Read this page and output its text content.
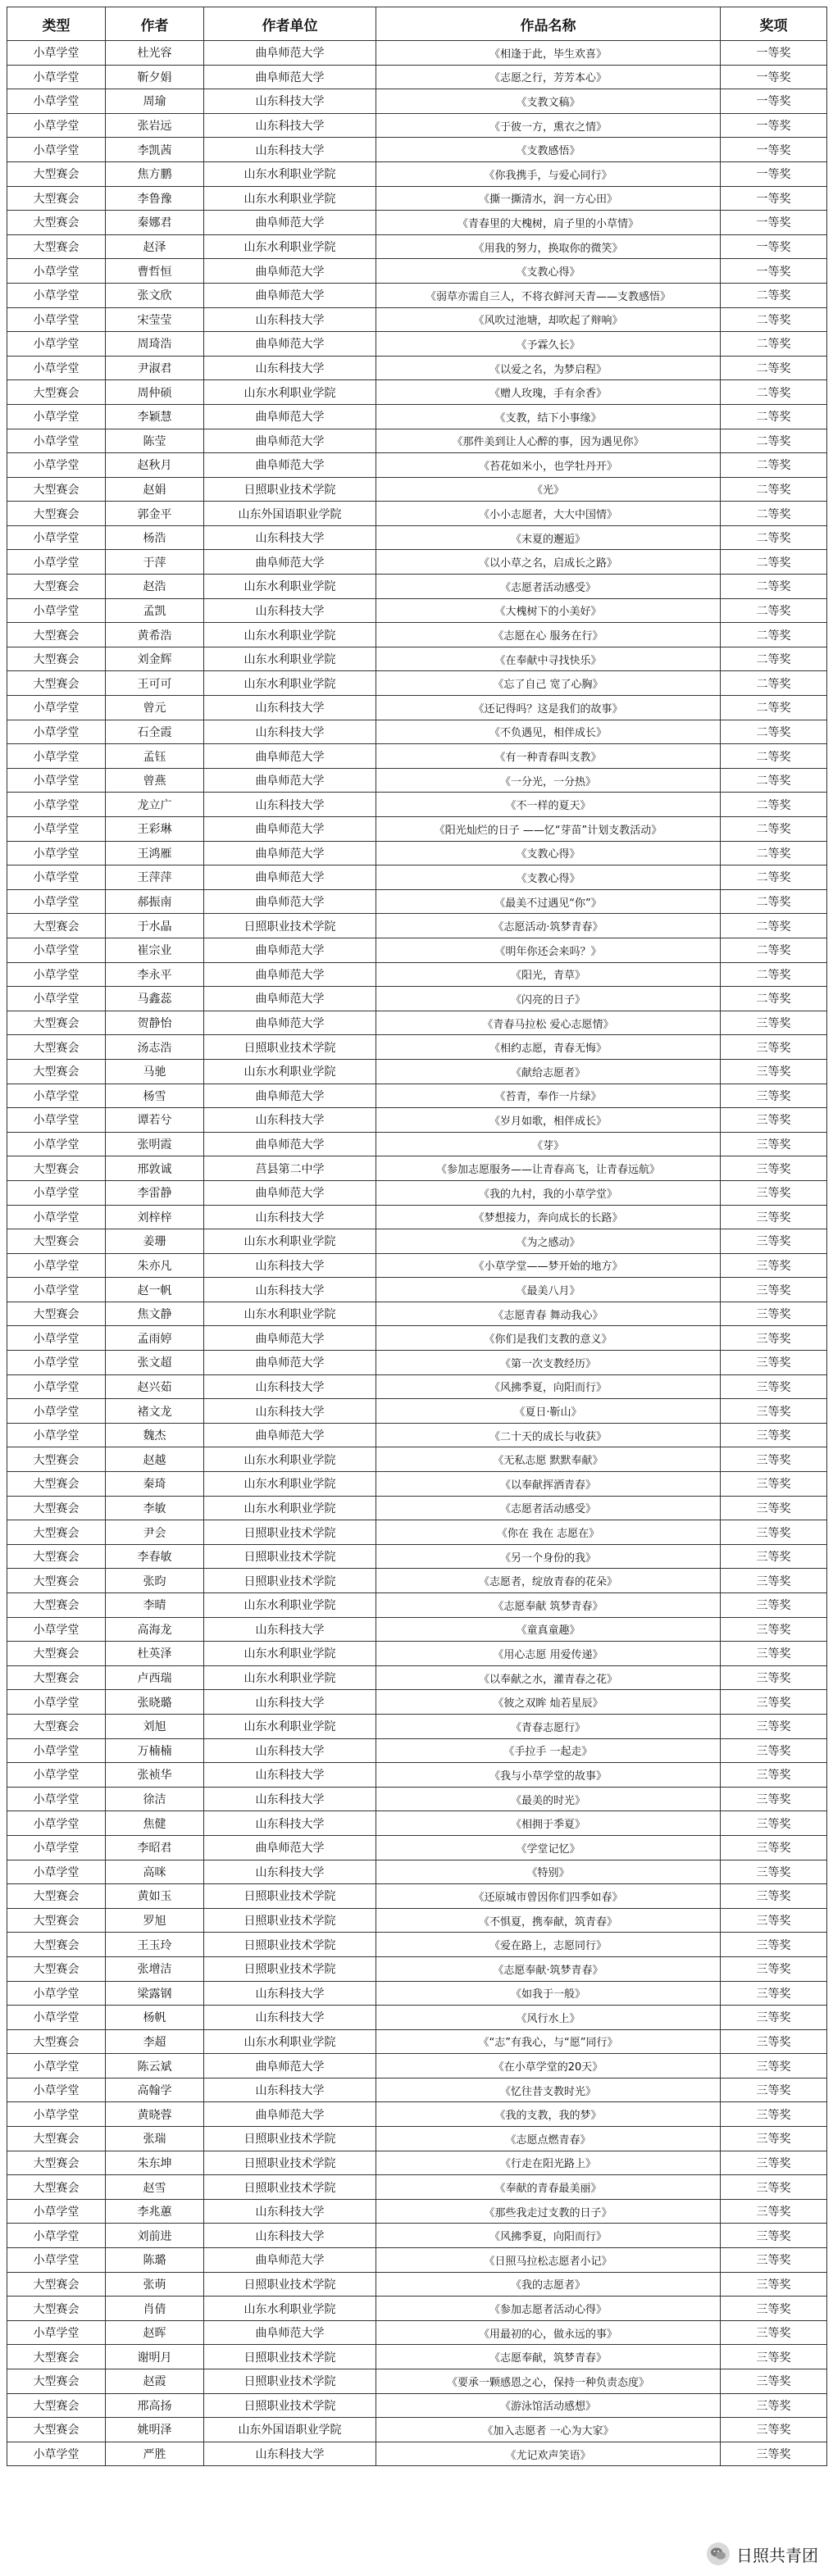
类型	作者	作者单位	作品名称	奖项
小草学堂	杜光容	曲阜师范大学	《相逢于此，毕生欢喜》	一等奖
小草学堂	靳夕娟	曲阜师范大学	《志愿之行，芳芳本心》	一等奖
小草学堂	周瑜	山东科技大学	《支教文稿》	一等奖
小草学堂	张岩远	山东科技大学	《于彼一方，熏衣之情》	一等奖
小草学堂	李凯茜	山东科技大学	《支教感悟》	一等奖
大型赛会	焦方鹏	山东水利职业学院	《你我携手，与爱心同行》	一等奖
大型赛会	李鲁豫	山东水利职业学院	《撕一撕清水，润一方心田》	一等奖
大型赛会	秦娜君	曲阜师范大学	《青春里的大槐树，肩子里的小草情》	一等奖
大型赛会	赵泽	山东水利职业学院	《用我的努力，换取你的微笑》	一等奖
小草学堂	曹哲恒	曲阜师范大学	《支教心得》	一等奖
小草学堂	张文欣	曲阜师范大学	《弱草亦需自三人，不将衣鲜河天青——支教感悟》	二等奖
小草学堂	宋莹莹	山东科技大学	《风吹过池塘，却吹起了辩响》	二等奖
小草学堂	周琦浩	曲阜师范大学	《予霖久长》	二等奖
小草学堂	尹淑君	山东科技大学	《以爱之名，为梦启程》	二等奖
大型赛会	周仲硕	山东水利职业学院	《赠人玫瑰，手有余香》	二等奖
小草学堂	李颖慧	曲阜师范大学	《支教，结下小事缘》	二等奖
小草学堂	陈莹	曲阜师范大学	《那件美到让人心醉的事，因为遇见你》	二等奖
小草学堂	赵秋月	曲阜师范大学	《苔花如米小，也学牡丹开》	二等奖
大型赛会	赵娟	日照职业技术学院	《光》	二等奖
大型赛会	郭金平	山东外国语职业学院	《小小志愿者，大大中国情》	二等奖
小草学堂	杨浩	山东科技大学	《末夏的邂逅》	二等奖
小草学堂	于萍	曲阜师范大学	《以小草之名，启成长之路》	二等奖
大型赛会	赵浩	山东水利职业学院	《志愿者活动感受》	二等奖
小草学堂	孟凯	山东科技大学	《大槐树下的小美好》	二等奖
大型赛会	黄希浩	山东水利职业学院	《志愿在心 服务在行》	二等奖
大型赛会	刘金辉	山东水利职业学院	《在奉献中寻找快乐》	二等奖
大型赛会	王可可	山东水利职业学院	《忘了自己 宽了心胸》	二等奖
小草学堂	曾元	山东科技大学	《还记得吗？这是我们的故事》	二等奖
小草学堂	石全霞	山东科技大学	《不负遇见，相伴成长》	二等奖
小草学堂	孟钰	曲阜师范大学	《有一种青春叫支教》	二等奖
小草学堂	曾燕	曲阜师范大学	《一分光，一分热》	二等奖
小草学堂	龙立广	山东科技大学	《不一样的夏天》	二等奖
小草学堂	王彩琳	曲阜师范大学	《阳光灿烂的日子 ——忆“芽苗”计划支教活动》	二等奖
小草学堂	王鸿雁	曲阜师范大学	《支教心得》	二等奖
小草学堂	王萍萍	曲阜师范大学	《支教心得》	二等奖
小草学堂	郝振南	曲阜师范大学	《最美不过遇见“你”》	二等奖
大型赛会	于水晶	日照职业技术学院	《志愿活动·筑梦青春》	二等奖
小草学堂	崔宗业	曲阜师范大学	《明年你还会来吗？》	二等奖
小草学堂	李永平	曲阜师范大学	《阳光，青草》	二等奖
小草学堂	马鑫蕊	曲阜师范大学	《闪亮的日子》	二等奖
大型赛会	贺静怡	曲阜师范大学	《青春马拉松 爱心志愿情》	三等奖
大型赛会	汤志浩	日照职业技术学院	《相约志愿，青春无悔》	三等奖
大型赛会	马驰	山东水利职业学院	《献给志愿者》	三等奖
小草学堂	杨雪	曲阜师范大学	《苔青，奉作一片绿》	三等奖
小草学堂	谭若兮	山东科技大学	《岁月如歌，相伴成长》	三等奖
小草学堂	张明霞	曲阜师范大学	《芽》	三等奖
大型赛会	邢敦诚	莒县第二中学	《参加志愿服务——让青春高飞，让青春远航》	三等奖
小草学堂	李雷静	曲阜师范大学	《我的九村，我的小草学堂》	三等奖
小草学堂	刘梓梓	山东科技大学	《梦想接力，奔向成长的长路》	三等奖
大型赛会	姜珊	山东水利职业学院	《为之感动》	三等奖
小草学堂	朱亦凡	山东科技大学	《小草学堂——梦开始的地方》	三等奖
小草学堂	赵一帆	山东科技大学	《最美八月》	三等奖
大型赛会	焦文静	山东水利职业学院	《志愿青春 舞动我心》	三等奖
小草学堂	孟雨婷	曲阜师范大学	《你们是我们支教的意义》	三等奖
小草学堂	张文超	曲阜师范大学	《第一次支教经历》	三等奖
小草学堂	赵兴茹	山东科技大学	《风拂季夏，向阳而行》	三等奖
小草学堂	褚文龙	山东科技大学	《夏日·靳山》	三等奖
小草学堂	魏杰	曲阜师范大学	《二十天的成长与收获》	三等奖
大型赛会	赵越	山东水利职业学院	《无私志愿 默默奉献》	三等奖
大型赛会	秦琦	山东水利职业学院	《以奉献挥洒青春》	三等奖
大型赛会	李敏	山东水利职业学院	《志愿者活动感受》	三等奖
大型赛会	尹会	日照职业技术学院	《你在 我在 志愿在》	三等奖
大型赛会	李春敏	日照职业技术学院	《另一个身份的我》	三等奖
大型赛会	张昀	日照职业技术学院	《志愿者，绽放青春的花朵》	三等奖
大型赛会	李晴	山东水利职业学院	《志愿奉献 筑梦青春》	三等奖
小草学堂	高海龙	山东科技大学	《童真童趣》	三等奖
大型赛会	杜英泽	山东水利职业学院	《用心志愿 用爱传递》	三等奖
大型赛会	卢西瑞	山东水利职业学院	《以奉献之水，灌青春之花》	三等奖
小草学堂	张晓璐	山东科技大学	《彼之双眸 灿若星辰》	三等奖
大型赛会	刘旭	山东水利职业学院	《青春志愿行》	三等奖
小草学堂	万楠楠	山东科技大学	《手拉手 一起走》	三等奖
小草学堂	张祯华	山东科技大学	《我与小草学堂的故事》	三等奖
小草学堂	徐洁	山东科技大学	《最美的时光》	三等奖
小草学堂	焦健	山东科技大学	《相拥于季夏》	三等奖
小草学堂	李昭君	曲阜师范大学	《学堂记忆》	三等奖
小草学堂	高咪	山东科技大学	《特别》	三等奖
大型赛会	黄如玉	日照职业技术学院	《还原城市曾因你们四季如春》	三等奖
大型赛会	罗旭	日照职业技术学院	《不惧夏，携奉献，筑青春》	三等奖
大型赛会	王玉玲	日照职业技术学院	《爱在路上，志愿同行》	三等奖
大型赛会	张增洁	日照职业技术学院	《志愿奉献·筑梦青春》	三等奖
小草学堂	梁露钢	山东科技大学	《如我于一般》	三等奖
小草学堂	杨帆	山东科技大学	《风行水上》	三等奖
大型赛会	李超	山东水利职业学院	《“志”有我心，与“愿”同行》	三等奖
小草学堂	陈云斌	曲阜师范大学	《在小草学堂的20天》	三等奖
小草学堂	高翰学	山东科技大学	《忆往昔支教时光》	三等奖
小草学堂	黄晓蓉	曲阜师范大学	《我的支教，我的梦》	三等奖
大型赛会	张瑞	日照职业技术学院	《志愿点燃青春》	三等奖
大型赛会	朱东坤	日照职业技术学院	《行走在阳光路上》	三等奖
大型赛会	赵雪	日照职业技术学院	《奉献的青春最美丽》	三等奖
小草学堂	李兆蕙	山东科技大学	《那些我走过支教的日子》	三等奖
小草学堂	刘前进	山东科技大学	《风拂季夏，向阳而行》	三等奖
小草学堂	陈璐	曲阜师范大学	《日照马拉松志愿者小记》	三等奖
大型赛会	张萌	日照职业技术学院	《我的志愿者》	三等奖
大型赛会	肖倩	山东水利职业学院	《参加志愿者活动心得》	三等奖
小草学堂	赵晖	曲阜师范大学	《用最初的心，做永远的事》	三等奖
大型赛会	谢明月	日照职业技术学院	《志愿奉献，筑梦青春》	三等奖
大型赛会	赵霞	日照职业技术学院	《要承一颗感恩之心，保持一种负责态度》	三等奖
大型赛会	邢高扬	日照职业技术学院	《游泳馆活动感想》	三等奖
大型赛会	姚明泽	山东外国语职业学院	《加入志愿者 一心为大家》	三等奖
小草学堂	严胜	山东科技大学	《尤记欢声笑语》	三等奖
日照共青团
